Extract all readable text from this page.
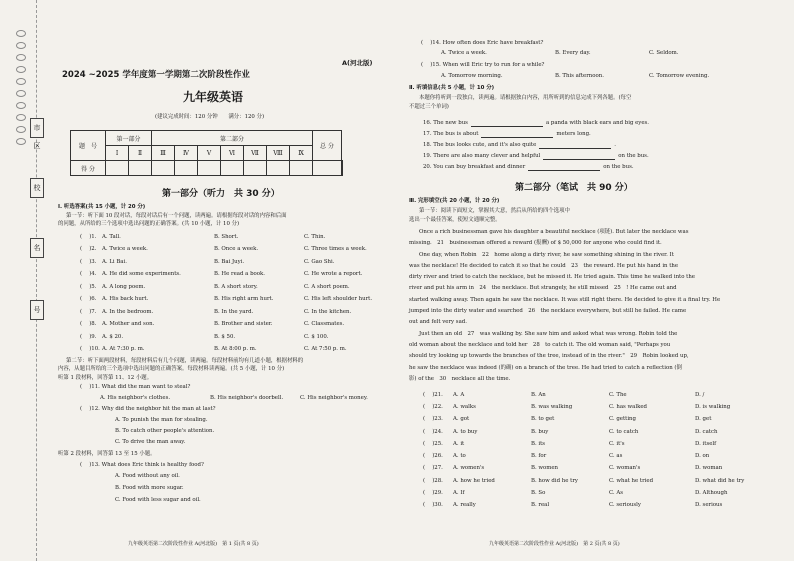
市 区
校
名
号
A(河北版)
2024 ~2025 学年度第一学期第二次阶段性作业
九年级英语
(建议完成时间：120 分钟　　满分：120 分)
题　号	第一部分		第二部分							总 分	
	Ⅰ	Ⅱ	Ⅲ	Ⅳ	Ⅴ	Ⅵ	Ⅶ	Ⅷ	Ⅸ		
得 分											
第一部分（听力　共 30 分）
Ⅰ. 听选答案(共 15 小题，计 20 分)
第一节：听下面 10 段对话，每段对话后有一个问题，读两遍。请根据每段对话的内容和后面
的问题，从所给的三个选项中选出问题的正确答案。(共 10 小题，计 10 分)
( 　)1.	A. Tall.	B. Short.	C. Thin.
( 　)2.	A. Twice a week.	B. Once a week.	C. Three times a week.
( 　)3.	A. Li Bai.	B. Bai Juyi.	C. Gao Shi.
( 　)4.	A. He did some experiments.	B. He read a book.	C. He wrote a report.
( 　)5.	A. A long poem.	B. A short story.	C. A short poem.
( 　)6.	A. His back hurt.	B. His right arm hurt.	C. His left shoulder hurt.
( 　)7.	A. In the bedroom.	B. In the yard.	C. In the kitchen.
( 　)8.	A. Mother and son.	B. Brother and sister.	C. Classmates.
( 　)9.	A. $ 20.	B. $ 50.	C. $ 100.
( 　)10. A. At 7:30 p. m.	B. At 8:00 p. m.	C. At 7:50 p. m.
第二节：听下面两段材料，每段材料后有几个问题，读两遍。每段材料前均有几道小题，根据材料的
内容，从题目所给的三个选项中选出问题的正确答案。每段材料读两遍。(共 5 小题，计 10 分)
听第 1 段材料，回答第 11、12 小题。
( 　)11. What did the man want to steal?
A. His neighbor's clothes.	B. His neighbor's doorbell.	C. His neighbor's money.
( 　)12. Why did the neighbor hit the man at last?
A. To punish the man for stealing.
B. To catch other people's attention.
C. To drive the man away.
听第 2 段材料，回答第 13 至 15 小题。
( 　)13. What does Eric think is healthy food?
A. Food without any oil.
B. Food with more sugar.
C. Food with less sugar and oil.
九年级英语第二次阶段性作业 A(河北版)　第 1 页(共 8 页)
( 　)14. How often does Eric have breakfast?
A. Twice a week.	B. Every day.	C. Seldom.
( 　)15. When will Eric try to run for a while?
A. Tomorrow morning.	B. This afternoon.	C. Tomorrow evening.
Ⅱ. 听填信息(共 5 小题，计 10 分)
本题你将听到一段独白，读两遍。请根据独白内容，用所听到的信息完成下列各题。(每空
不超过三个单词)
16. The new bus	a panda with black ears and big eyes.
17. The bus is about	meters long.
18. The bus looks cute, and it's also quite	.
19. There are also many clever and helpful	on the bus.
20. You can buy breakfast and dinner	on the bus.
第二部分（笔试　共 90 分）
Ⅲ. 完形填空(共 20 小题，计 20 分)
第一节：阅读下面短文，掌握其大意，然后从所给的四个选项中
选出一个最佳答案，使短文通顺完整。
Once a rich businessman gave his daughter a beautiful necklace (项链). But later the necklace was
missing.　21　businessman offered a reward (报酬) of $ 50,000 for anyone who could find it.
One day, when Robin　22　home along a dirty river, he saw something shining in the river. It
was the necklace! He decided to catch it so that he could　23　the reward. He put his hand in the
dirty river and tried to catch the necklace, but he missed it. He tried again. This time he walked into the
river and put his arm in　24　the necklace. But strangely, he still missed　25　! He came out and
started walking away. Then again he saw the necklace. It was still right there. He decided to give it a final try. He
jumped into the dirty water and searched　26　the necklace everywhere, but still he failed. He came
out and felt very sad.
Just then an old　27　was walking by. She saw him and asked what was wrong. Robin told the
old woman about the necklace and told her　28　to catch it. The old woman said, "Perhaps you
should try looking up towards the branches of the tree, instead of in the river."　29　Robin looked up,
he saw the necklace was indeed (的确) on a branch of the tree. He had tried to catch a reflection (倒
影) of the　30　necklace all the time.
( 　)21.	A. A	B. An	C. The	D. /
( 　)22.	A. walks	B. was walking	C. has walked	D. is walking
( 　)23.	A. got	B. to get	C. getting	D. get
( 　)24.	A. to buy	B. buy	C. to catch	D. catch
( 　)25.	A. it	B. its	C. it's	D. itself
( 　)26.	A. to	B. for	C. as	D. on
( 　)27.	A. women's	B. women	C. woman's	D. woman
( 　)28.	A. how he tried	B. how did he try	C. what he tried	D. what did he try
( 　)29.	A. If	B. So	C. As	D. Although
( 　)30.	A. really	B. real	C. seriously	D. serious
九年级英语第二次阶段性作业 A(河北版)　第 2 页(共 8 页)
